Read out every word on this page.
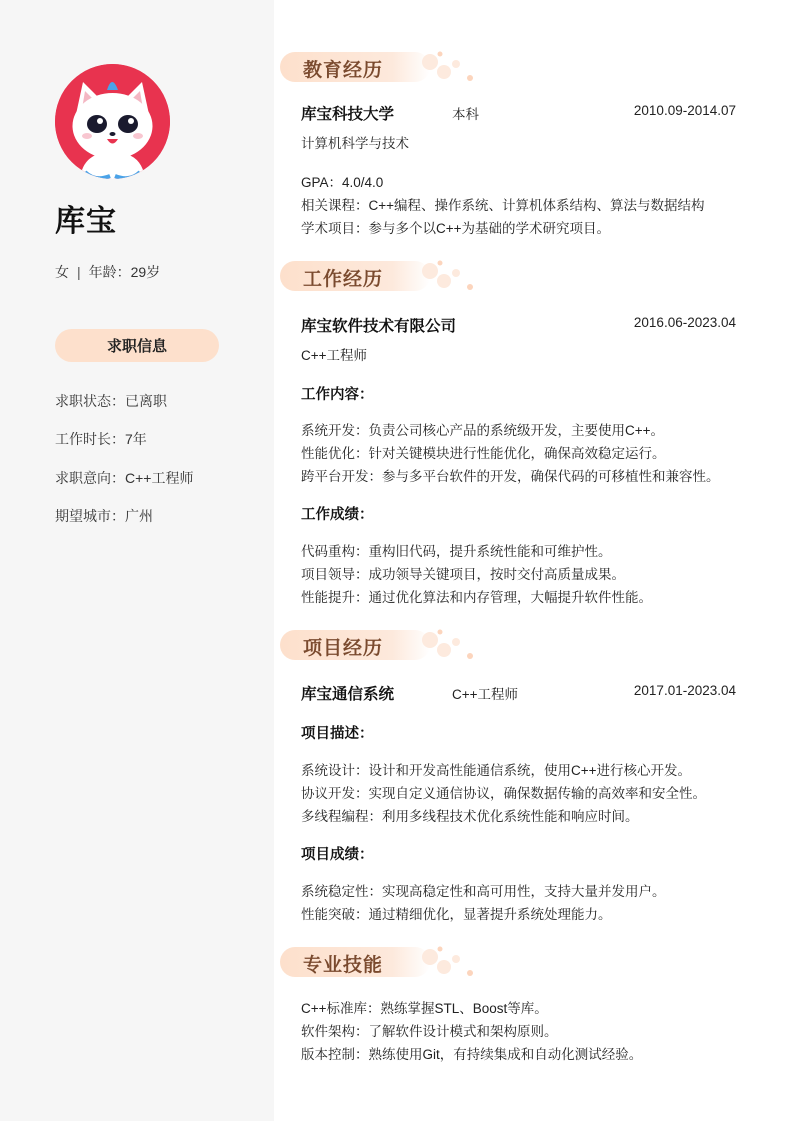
库宝
女 | 年龄：29岁
求职信息
求职状态：已离职
工作时长：7年
求职意向：C++工程师
期望城市：广州
教育经历
库宝科技大学	本科	2010.09-2014.07
计算机科学与技术
GPA：4.0/4.0
相关课程：C++编程、操作系统、计算机体系结构、算法与数据结构
学术项目：参与多个以C++为基础的学术研究项目。
工作经历
库宝软件技术有限公司	2016.06-2023.04
C++工程师
工作内容：
系统开发：负责公司核心产品的系统级开发，主要使用C++。
性能优化：针对关键模块进行性能优化，确保高效稳定运行。
跨平台开发：参与多平台软件的开发，确保代码的可移植性和兼容性。
工作成绩：
代码重构：重构旧代码，提升系统性能和可维护性。
项目领导：成功领导关键项目，按时交付高质量成果。
性能提升：通过优化算法和内存管理，大幅提升软件性能。
项目经历
库宝通信系统	C++工程师	2017.01-2023.04
项目描述：
系统设计：设计和开发高性能通信系统，使用C++进行核心开发。
协议开发：实现自定义通信协议，确保数据传输的高效率和安全性。
多线程编程：利用多线程技术优化系统性能和响应时间。
项目成绩：
系统稳定性：实现高稳定性和高可用性，支持大量并发用户。
性能突破：通过精细优化，显著提升系统处理能力。
专业技能
C++标准库：熟练掌握STL、Boost等库。
软件架构：了解软件设计模式和架构原则。
版本控制：熟练使用Git，有持续集成和自动化测试经验。
